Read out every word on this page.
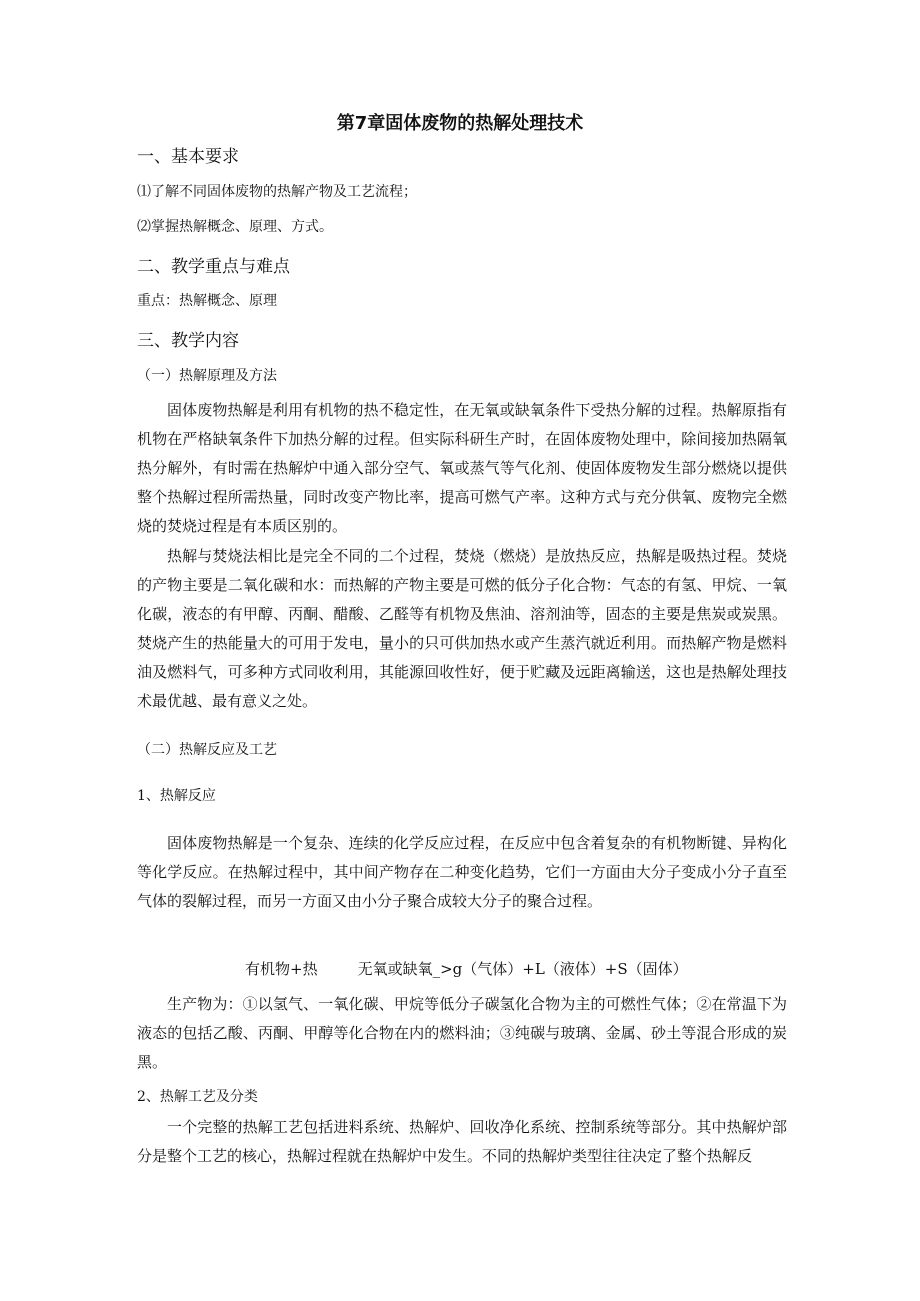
第7章固体废物的热解处理技术
一、基本要求
⑴了解不同固体废物的热解产物及工艺流程；
⑵掌握热解概念、原理、方式。
二、教学重点与难点
重点：热解概念、原理
三、教学内容
（一）热解原理及方法

固体废物热解是利用有机物的热不稳定性，在无氧或缺氧条件下受热分解的过程。热解原指有机物在严格缺氧条件下加热分解的过程。但实际科研生产时，在固体废物处理中，除间接加热隔氧热分解外，有时需在热解炉中通入部分空气、氧或蒸气等气化剂、使固体废物发生部分燃烧以提供整个热解过程所需热量，同时改变产物比率，提高可燃气产率。这种方式与充分供氧、废物完全燃烧的焚烧过程是有本质区别的。

热解与焚烧法相比是完全不同的二个过程，焚烧（燃烧）是放热反应，热解是吸热过程。焚烧的产物主要是二氧化碳和水：而热解的产物主要是可燃的低分子化合物：气态的有氢、甲烷、一氧化碳，液态的有甲醇、丙酮、醋酸、乙醛等有机物及焦油、溶剂油等，固态的主要是焦炭或炭黑。焚烧产生的热能量大的可用于发电，量小的只可供加热水或产生蒸汽就近利用。而热解产物是燃料油及燃料气，可多种方式同收利用，其能源回收性好，便于贮藏及远距离输送，这也是热解处理技术最优越、最有意义之处。

（二）热解反应及工艺
1、热解反应

固体废物热解是一个复杂、连续的化学反应过程，在反应中包含着复杂的有机物断键、异构化等化学反应。在热解过程中，其中间产物存在二种变化趋势，它们一方面由大分子变成小分子直至气体的裂解过程，而另一方面又由小分子聚合成较大分子的聚合过程。

有机物+热	无氧或缺氧_>g（气体）+L（液体）+S（固体）

生产物为：①以氢气、一氧化碳、甲烷等低分子碳氢化合物为主的可燃性气体；②在常温下为液态的包括乙酸、丙酮、甲醇等化合物在内的燃料油；③纯碳与玻璃、金属、砂土等混合形成的炭黑。

2、热解工艺及分类

一个完整的热解工艺包括进料系统、热解炉、回收净化系统、控制系统等部分。其中热解炉部分是整个工艺的核心，热解过程就在热解炉中发生。不同的热解炉类型往往决定了整个热解反
